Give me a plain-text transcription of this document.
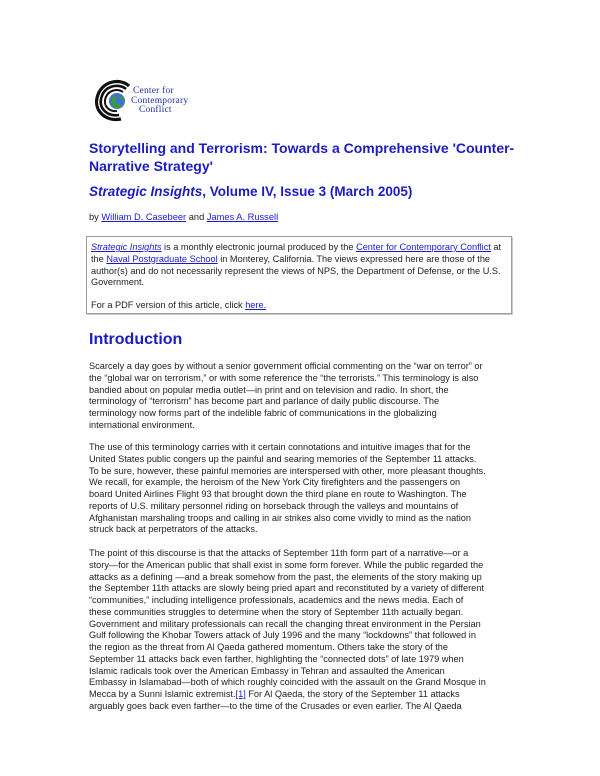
Center for
Contemporary
Conflict
Storytelling and Terrorism: Towards a Comprehensive 'Counter-Narrative Strategy'
Strategic Insights, Volume IV, Issue 3 (March 2005)
by William D. Casebeer and James A. Russell

Strategic Insights is a monthly electronic journal produced by the Center for Contemporary Conflict at the Naval Postgraduate School in Monterey, California. The views expressed here are those of the author(s) and do not necessarily represent the views of NPS, the Department of Defense, or the U.S. Government.

For a PDF version of this article, click here.

Introduction
Scarcely a day goes by without a senior government official commenting on the “war on terror” or
the “global war on terrorism,” or with some reference the “the terrorists.” This terminology is also
bandied about on popular media outlet—in print and on television and radio. In short, the
terminology of “terrorism” has become part and parlance of daily public discourse. The
terminology now forms part of the indelible fabric of communications in the globalizing
international environment.
The use of this terminology carries with it certain connotations and intuitive images that for the
United States public congers up the painful and searing memories of the September 11 attacks.
To be sure, however, these painful memories are interspersed with other, more pleasant thoughts.
We recall, for example, the heroism of the New York City firefighters and the passengers on
board United Airlines Flight 93 that brought down the third plane en route to Washington. The
reports of U.S. military personnel riding on horseback through the valleys and mountains of
Afghanistan marshaling troops and calling in air strikes also come vividly to mind as the nation
struck back at perpetrators of the attacks.
The point of this discourse is that the attacks of September 11th form part of a narrative—or a
story—for the American public that shall exist in some form forever. While the public regarded the
attacks as a defining —and a break somehow from the past, the elements of the story making up
the September 11th attacks are slowly being pried apart and reconstituted by a variety of different
“communities,” including intelligence professionals, academics and the news media. Each of
these communities struggles to determine when the story of September 11th actually began.
Government and military professionals can recall the changing threat environment in the Persian
Gulf following the Khobar Towers attack of July 1996 and the many “lockdowns” that followed in
the region as the threat from Al Qaeda gathered momentum. Others take the story of the
September 11 attacks back even farther, highlighting the “connected dots” of late 1979 when
Islamic radicals took over the American Embassy in Tehran and assaulted the American
Embassy in Islamabad—both of which roughly coincided with the assault on the Grand Mosque in
Mecca by a Sunni Islamic extremist.[1] For Al Qaeda, the story of the September 11 attacks
arguably goes back even farther—to the time of the Crusades or even earlier. The Al Qaeda
